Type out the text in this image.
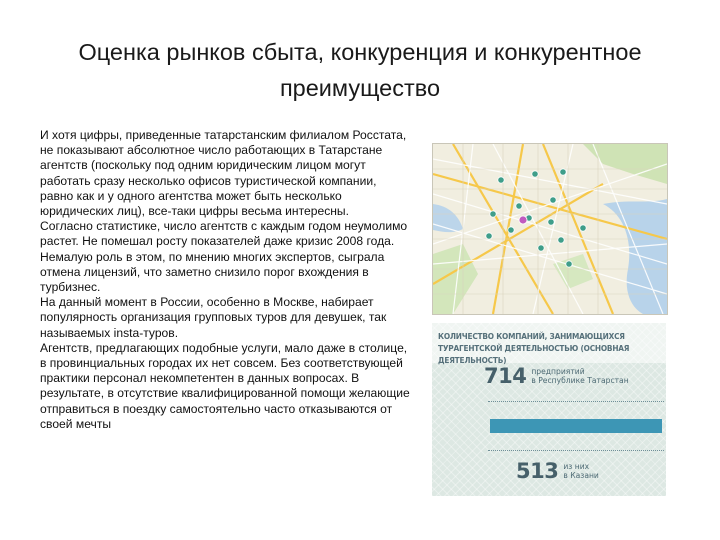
Оценка рынков сбыта, конкуренция и конкурентное преимущество

И хотя цифры, приведенные татарстанским филиалом Росстата, не показывают абсолютное число работающих в Татарстане агентств (поскольку под одним юридическим лицом могут работать сразу несколько офисов туристической компании, равно как и у одного агентства может быть несколько юридических лиц), все-таки цифры весьма интересны.

Согласно статистике, число агентств с каждым годом неумолимо растет. Не помешал росту показателей даже кризис 2008 года. Немалую роль в этом, по мнению многих экспертов, сыграла отмена лицензий, что заметно снизило порог вхождения в турбизнес.

На данный момент в России, особенно в Москве, набирает популярность организация групповых туров для девушек, так называемых insta-туров.

Агентств, предлагающих подобные услуги, мало даже в столице, в провинциальных городах их нет совсем. Без соответствующей практики персонал некомпетентен в данных вопросах. В результате, в отсутствие квалифицированной помощи желающие отправиться в поездку самостоятельно часто отказываются от своей мечты

КОЛИЧЕСТВО КОМПАНИЙ, ЗАНИМАЮЩИХСЯ ТУРАГЕНТСКОЙ ДЕЯТЕЛЬНОСТЬЮ (ОСНОВНАЯ ДЕЯТЕЛЬНОСТЬ)

714 предприятий
в Республике Татарстан
513 из них
в Казани
